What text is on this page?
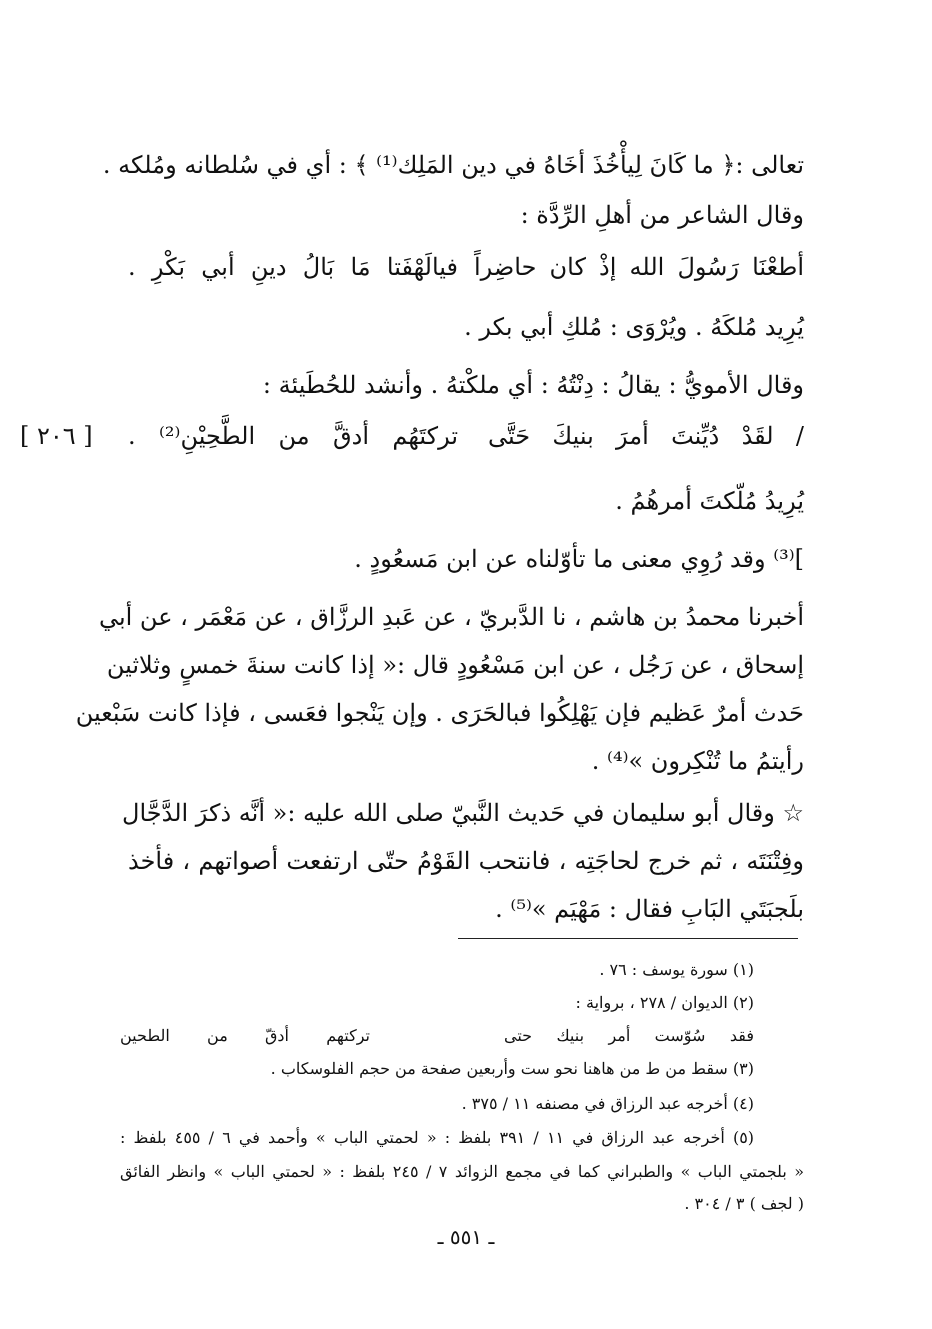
تعالى :﴿ ما كَانَ لِيأْخُذَ أخَاهُ في دين المَلِك⁽¹⁾ ﴾ : أي في سُلطانه ومُلكه .
وقال الشاعر من أهلِ الرِّدَّة :
أطعْنَا رَسُولَ الله إذْ كان حاضِراً
فيالَهْفَتا مَا بَالُ دينِ أبي بَكْرِ .
يُرِيد مُلكَهُ . ويُرْوَى : مُلكِ أبي بكر .
وقال الأمويُّ : يقالُ : دِنْتُهُ : أي ملكْتهُ . وأنشد للحُطَيئة :
/ لقَدْ دُيِّنتَ أمرَ بنيكَ حَتَّى
تركتَهُم أدقَّ من الطَّحِيْنِ⁽²⁾ .
[ ٢٠٦ ]
يُرِيدُ مُلّكتَ أمرهُمُ .
]⁽³⁾ وقد رُوِي معنى ما تأوّلناه عن ابن مَسعُودٍ .
أخبرنا محمدُ بن هاشم ، نا الدَّبريّ ، عن عَبدِ الرزَّاق ، عن مَعْمَر ، عن أبي
إسحاق ، عن رَجُل ، عن ابن مَسْعُودٍ قال :« إذا كانت سنةَ خمسٍ وثلاثين
حَدث أمرٌ عَظيم فإن يَهْلِكُوا فبالحَرَى . وإن يَنْجوا فعَسى ، فإذا كانت سَبْعين
رأيتمُ ما تُنْكِرون »⁽⁴⁾ .
☆ وقال أبو سليمان في حَديث النَّبيّ صلى الله عليه :« أنَّه ذكرَ الدَّجَّال
وفِتْنَتَه ، ثم خرج لحاجَتِه ، فانتحب القَوْمُ حتّى ارتفعت أصواتهم ، فأخذ
بلَجبَتَي البَابِ فقال : مَهْيَم »⁽⁵⁾ .
(١) سورة يوسف : ٧٦ .
(٢) الديوان / ٢٧٨ ، برواية :
فقد سُوّست أمر بنيك حتى
تركتهم أدقّ من الطحين
(٣) سقط من ط من هاهنا نحو ست وأربعين صفحة من حجم الفلوسكاب .
(٤) أخرجه عبد الرزاق في مصنفه ١١ / ٣٧٥ .
(٥) أخرجه عبد الرزاق في ١١ / ٣٩١ بلفظ : « لحمتي الباب » وأحمد في ٦ / ٤٥٥ بلفظ :
« بلجمتي الباب » والطبراني كما في مجمع الزوائد ٧ / ٢٤٥ بلفظ : « لحمتي الباب » وانظر الفائق
( لجف ) ٣ / ٣٠٤ .
ـ ٥٥١ ـ
